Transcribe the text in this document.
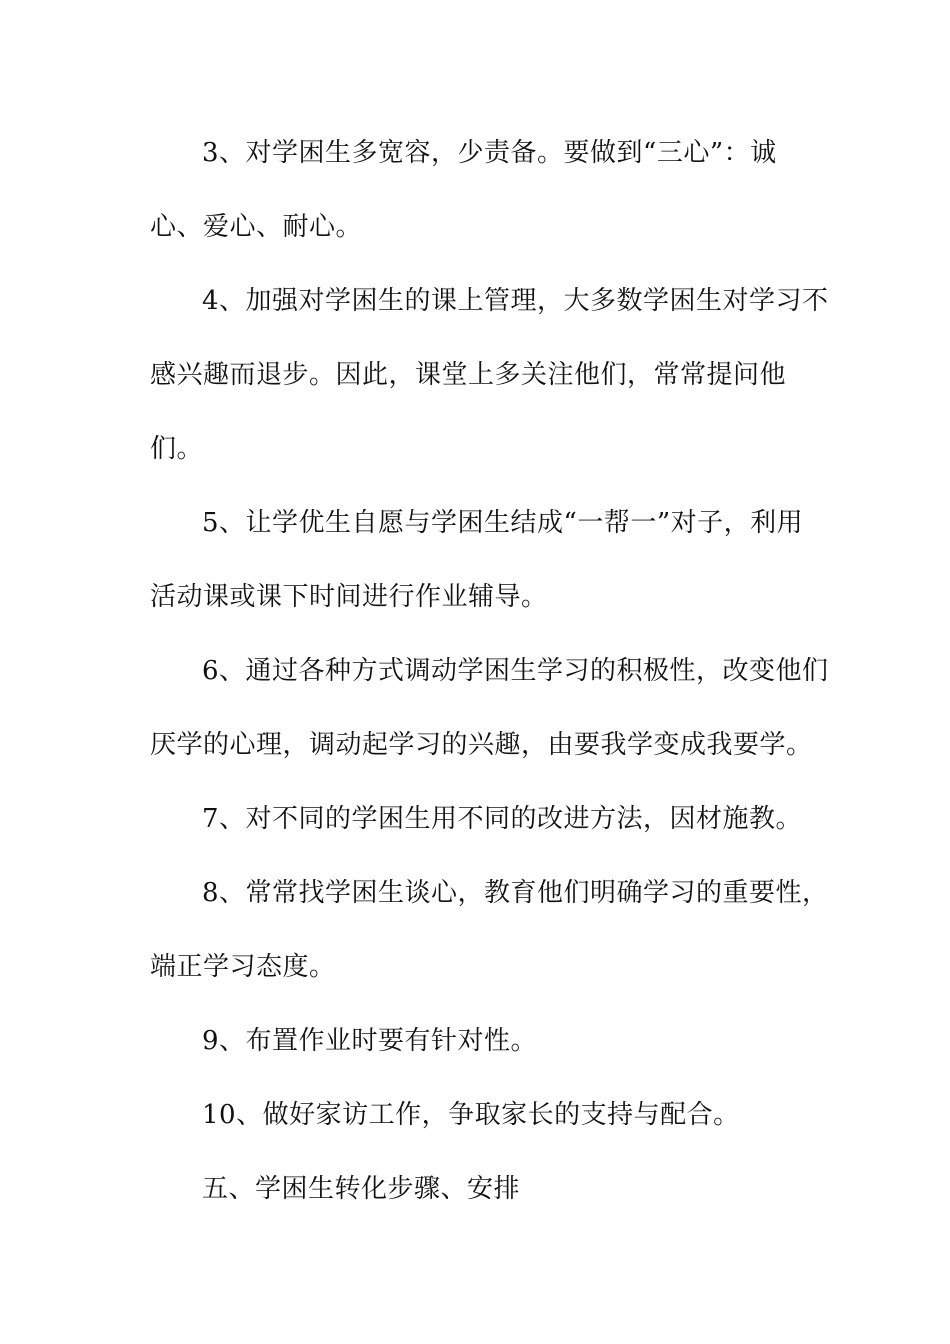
3、对学困生多宽容，少责备。要做到“三心”：诚
心、爱心、耐心。
4、加强对学困生的课上管理，大多数学困生对学习不
感兴趣而退步。因此，课堂上多关注他们，常常提问他
们。
5、让学优生自愿与学困生结成“一帮一”对子，利用
活动课或课下时间进行作业辅导。
6、通过各种方式调动学困生学习的积极性，改变他们
厌学的心理，调动起学习的兴趣，由要我学变成我要学。
7、对不同的学困生用不同的改进方法，因材施教。
8、常常找学困生谈心，教育他们明确学习的重要性，
端正学习态度。
9、布置作业时要有针对性。
10、做好家访工作，争取家长的支持与配合。
五、学困生转化步骤、安排
